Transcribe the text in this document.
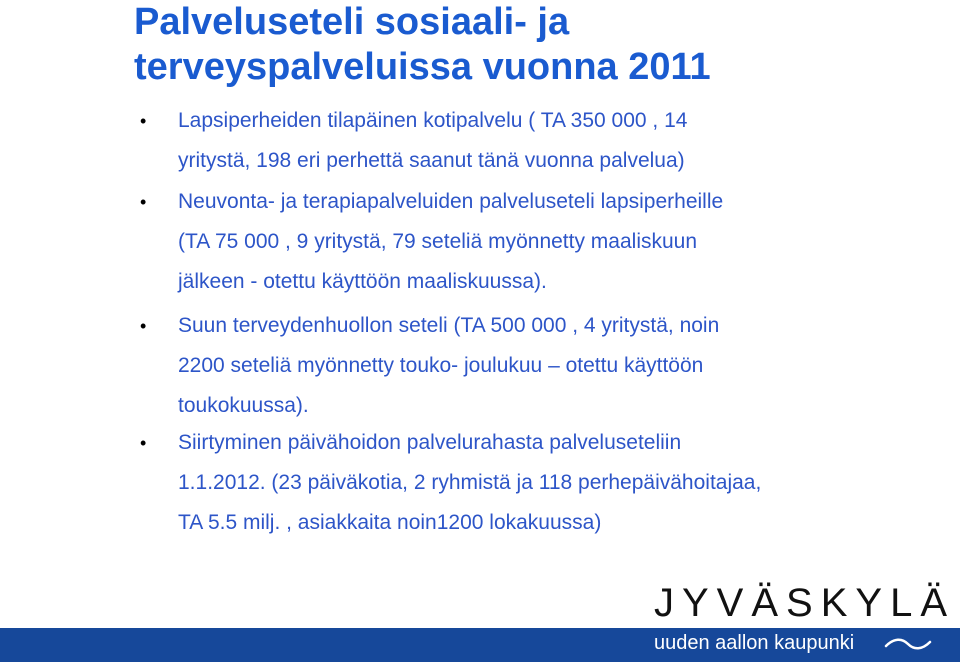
Palveluseteli sosiaali- ja
terveyspalveluissa vuonna 2011
•	Lapsiperheiden tilapäinen kotipalvelu ( TA 350 000 , 14
yritystä, 198 eri perhettä saanut tänä vuonna palvelua)
•	Neuvonta- ja terapiapalveluiden palveluseteli lapsiperheille
(TA 75 000 , 9 yritystä, 79 seteliä myönnetty maaliskuun
jälkeen - otettu käyttöön maaliskuussa).
•	Suun terveydenhuollon seteli (TA 500 000 , 4 yritystä, noin
2200 seteliä myönnetty touko- joulukuu – otettu käyttöön
toukokuussa).
•	Siirtyminen päivähoidon palvelurahasta palveluseteliin
1.1.2012. (23 päiväkotia, 2 ryhmistä ja 118 perhepäivähoitajaa,
TA 5.5 milj. , asiakkaita noin1200 lokakuussa)
JYVÄSKYLÄ
uuden aallon kaupunki
